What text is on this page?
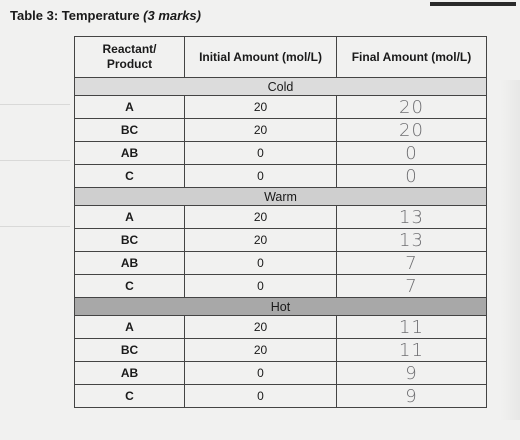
Table 3: Temperature (3 marks)
Reactant/
Product	Initial Amount (mol/L)	Final Amount (mol/L)
Cold		
A	20	20
BC	20	20
AB	0	0
C	0	0
Warm		
A	20	13
BC	20	13
AB	0	7
C	0	7
Hot		
A	20	11
BC	20	11
AB	0	9
C	0	9
